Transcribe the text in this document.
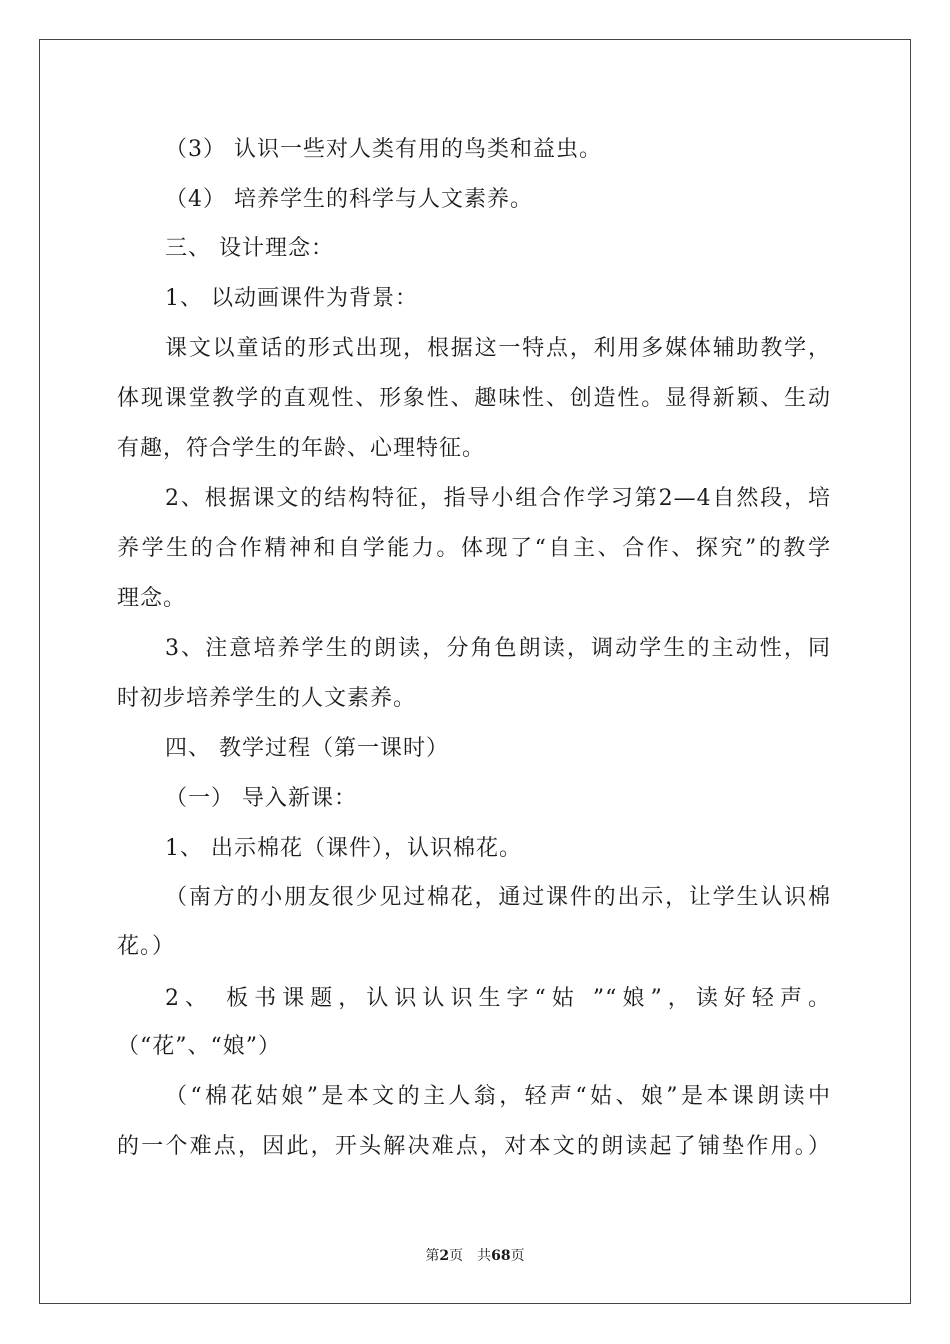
（3） 认识一些对人类有用的鸟类和益虫。
（4） 培养学生的科学与人文素养。
三、 设计理念：
1、 以动画课件为背景：
课文以童话的形式出现，根据这一特点，利用多媒体辅助教学，
体现课堂教学的直观性、形象性、趣味性、创造性。显得新颖、生动
有趣，符合学生的年龄、心理特征。
2、根据课文的结构特征，指导小组合作学习第2—4自然段，培
养学生的合作精神和自学能力。体现了“自主、合作、探究”的教学
理念。
3、注意培养学生的朗读，分角色朗读，调动学生的主动性，同
时初步培养学生的人文素养。
四、 教学过程（第一课时）
（一） 导入新课：
1、 出示棉花（课件），认识棉花。
（南方的小朋友很少见过棉花，通过课件的出示，让学生认识棉
花。）
2、 板书课题，认识认识生字“姑 ”“娘”，读好轻声。
（“花”、“娘”）
（“棉花姑娘”是本文的主人翁，轻声“姑、娘”是本课朗读中
的一个难点，因此，开头解决难点，对本文的朗读起了铺垫作用。）
第2页 共68页
